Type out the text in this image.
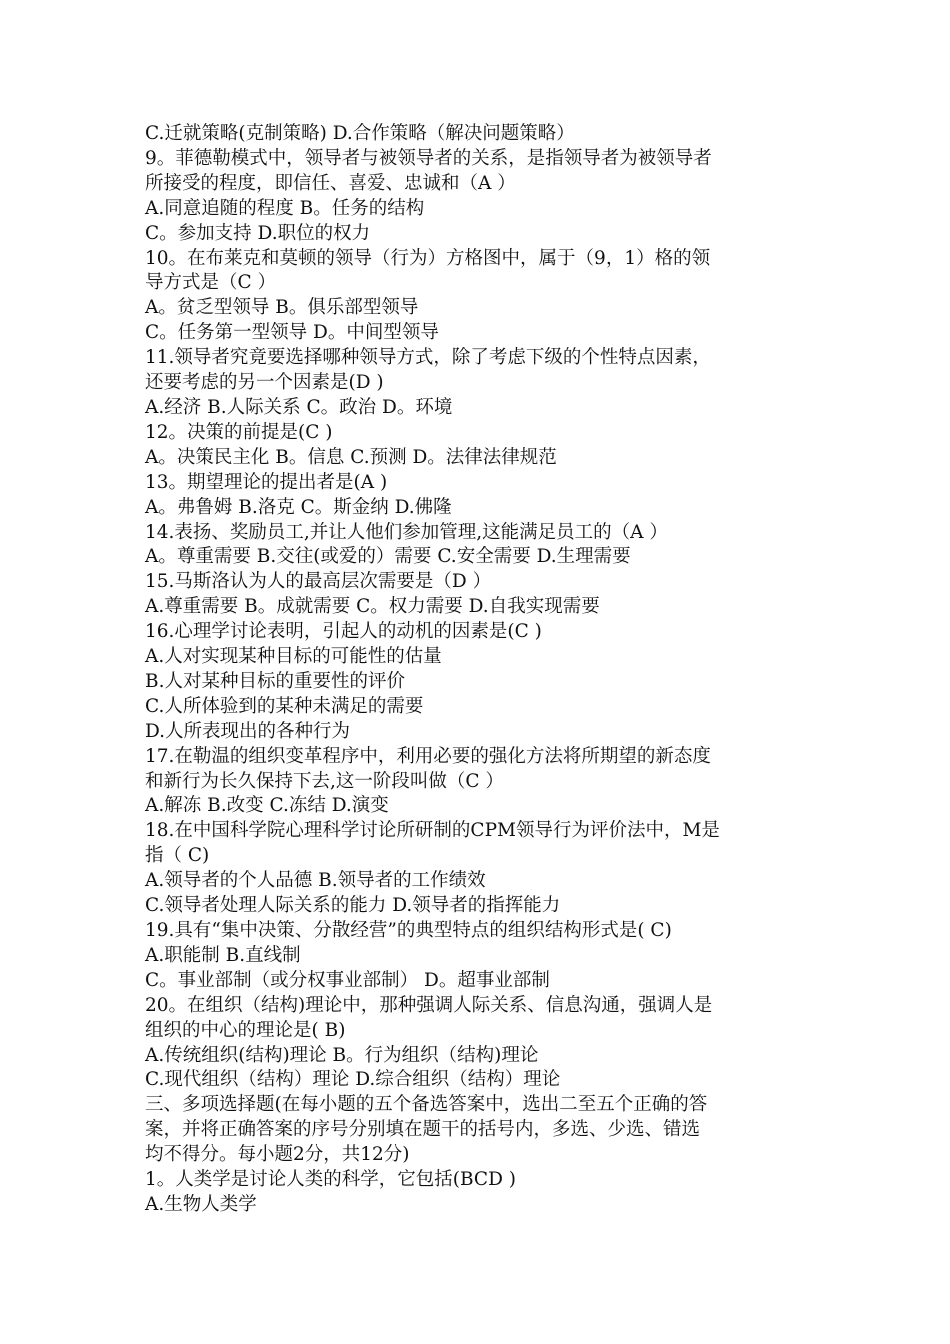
C.迁就策略(克制策略) D.合作策略（解决问题策略）
9。菲德勒模式中，领导者与被领导者的关系，是指领导者为被领导者
所接受的程度，即信任、喜爱、忠诚和（A ）
A.同意追随的程度 B。任务的结构
C。参加支持 D.职位的权力
10。在布莱克和莫顿的领导（行为）方格图中，属于（9，1）格的领
导方式是（C ）
A。贫乏型领导 B。俱乐部型领导
C。任务第一型领导 D。中间型领导
11.领导者究竟要选择哪种领导方式，除了考虑下级的个性特点因素，
还要考虑的另一个因素是(D )
A.经济 B.人际关系 C。政治 D。环境
12。决策的前提是(C )
A。决策民主化 B。信息 C.预测 D。法律法律规范
13。期望理论的提出者是(A )
A。弗鲁姆 B.洛克 C。斯金纳 D.佛隆
14.表扬、奖励员工,并让人他们参加管理,这能满足员工的（A ）
A。尊重需要 B.交往(或爱的）需要 C.安全需要 D.生理需要
15.马斯洛认为人的最高层次需要是（D ）
A.尊重需要 B。成就需要 C。权力需要 D.自我实现需要
16.心理学讨论表明，引起人的动机的因素是(C )
A.人对实现某种目标的可能性的估量
B.人对某种目标的重要性的评价
C.人所体验到的某种未满足的需要
D.人所表现出的各种行为
17.在勒温的组织变革程序中，利用必要的强化方法将所期望的新态度
和新行为长久保持下去,这一阶段叫做（C ）
A.解冻 B.改变 C.冻结 D.演变
18.在中国科学院心理科学讨论所研制的CPM领导行为评价法中，M是
指（ C)
A.领导者的个人品德 B.领导者的工作绩效
C.领导者处理人际关系的能力 D.领导者的指挥能力
19.具有“集中决策、分散经营”的典型特点的组织结构形式是( C)
A.职能制 B.直线制
C。事业部制（或分权事业部制） D。超事业部制
20。在组织（结构)理论中，那种强调人际关系、信息沟通，强调人是
组织的中心的理论是( B)
A.传统组织(结构)理论 B。行为组织（结构)理论
C.现代组织（结构）理论 D.综合组织（结构）理论
三、多项选择题(在每小题的五个备选答案中，选出二至五个正确的答
案，并将正确答案的序号分别填在题干的括号内，多选、少选、错选
均不得分。每小题2分，共12分)
1。人类学是讨论人类的科学，它包括(BCD )
A.生物人类学
